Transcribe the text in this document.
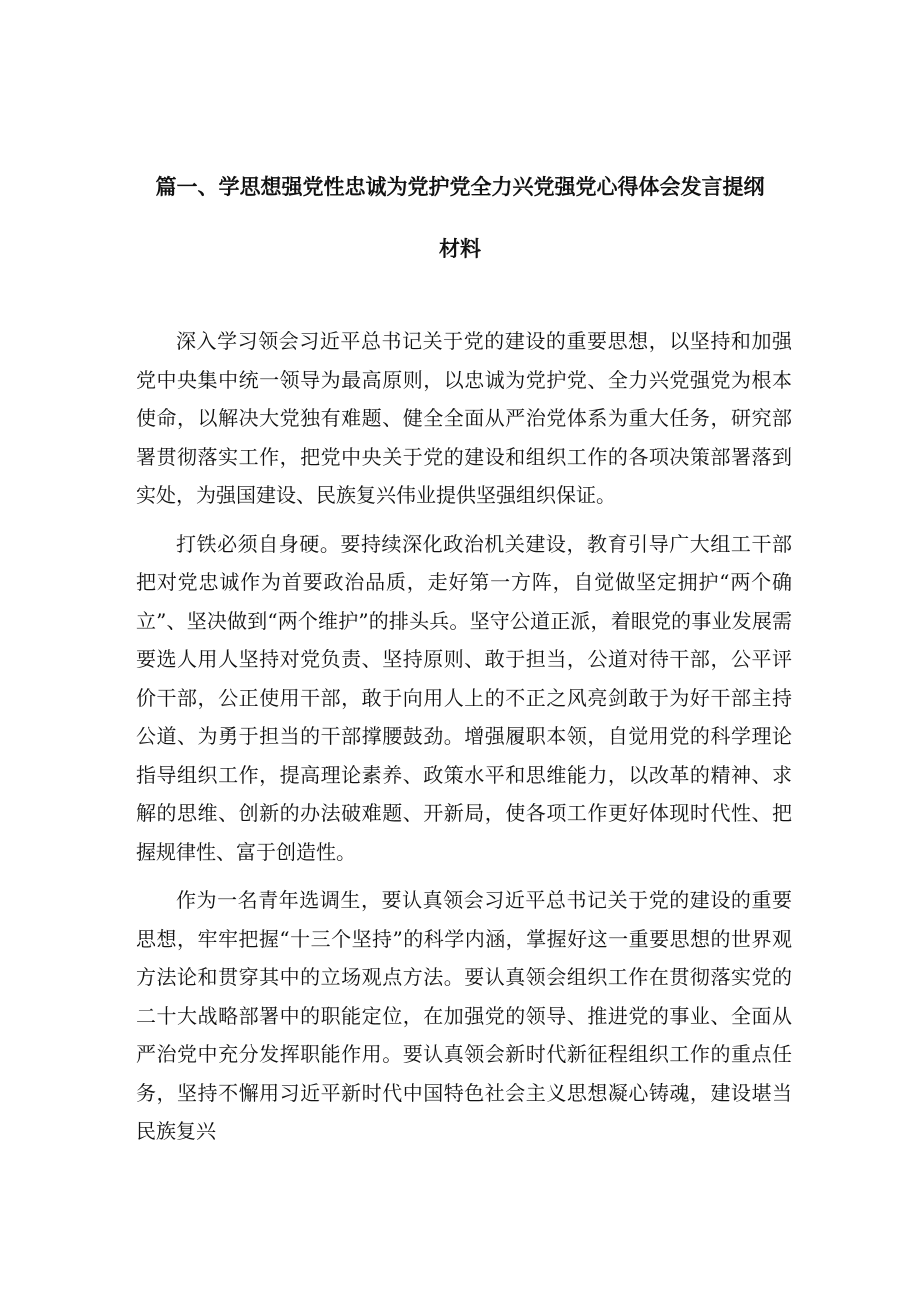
篇一、学思想强党性忠诚为党护党全力兴党强党心得体会发言提纲
材料

深入学习领会习近平总书记关于党的建设的重要思想，以坚持和加强党中央集中统一领导为最高原则，以忠诚为党护党、全力兴党强党为根本使命，以解决大党独有难题、健全全面从严治党体系为重大任务，研究部署贯彻落实工作，把党中央关于党的建设和组织工作的各项决策部署落到实处，为强国建设、民族复兴伟业提供坚强组织保证。

打铁必须自身硬。要持续深化政治机关建设，教育引导广大组工干部把对党忠诚作为首要政治品质，走好第一方阵，自觉做坚定拥护“两个确立”、坚决做到“两个维护”的排头兵。坚守公道正派，着眼党的事业发展需要选人用人坚持对党负责、坚持原则、敢于担当，公道对待干部，公平评价干部，公正使用干部，敢于向用人上的不正之风亮剑敢于为好干部主持公道、为勇于担当的干部撑腰鼓劲。增强履职本领，自觉用党的科学理论指导组织工作，提高理论素养、政策水平和思维能力，以改革的精神、求解的思维、创新的办法破难题、开新局，使各项工作更好体现时代性、把握规律性、富于创造性。

作为一名青年选调生，要认真领会习近平总书记关于党的建设的重要思想，牢牢把握“十三个坚持”的科学内涵，掌握好这一重要思想的世界观方法论和贯穿其中的立场观点方法。要认真领会组织工作在贯彻落实党的二十大战略部署中的职能定位，在加强党的领导、推进党的事业、全面从严治党中充分发挥职能作用。要认真领会新时代新征程组织工作的重点任务，坚持不懈用习近平新时代中国特色社会主义思想凝心铸魂，建设堪当民族复兴
